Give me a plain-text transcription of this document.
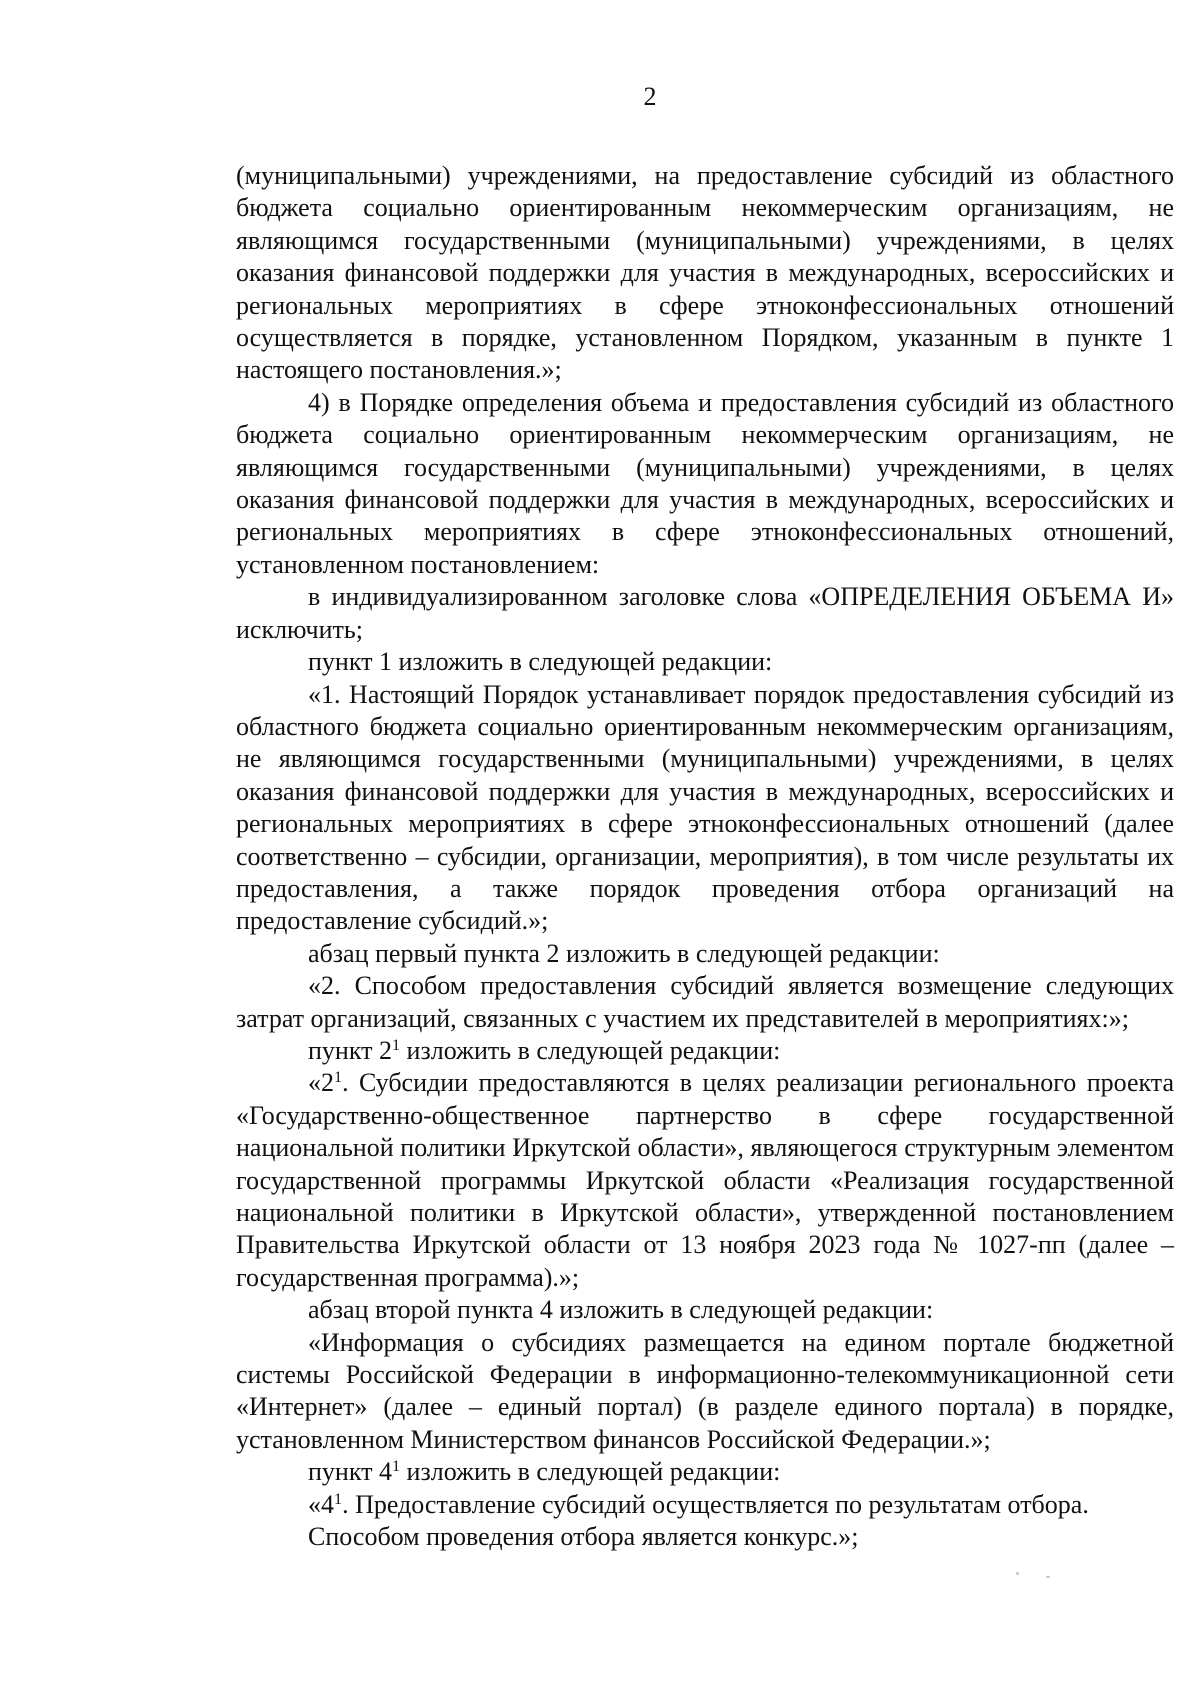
2

(муниципальными) учреждениями, на предоставление субсидий из областного бюджета социально ориентированным некоммерческим организациям, не являющимся государственными (муниципальными) учреждениями, в целях оказания финансовой поддержки для участия в международных, всероссийских и региональных мероприятиях в сфере этноконфессиональных отношений осуществляется в порядке, установленном Порядком, указанным в пункте 1 настоящего постановления.»;

4) в Порядке определения объема и предоставления субсидий из областного бюджета социально ориентированным некоммерческим организациям, не являющимся государственными (муниципальными) учреждениями, в целях оказания финансовой поддержки для участия в международных, всероссийских и региональных мероприятиях в сфере этноконфессиональных отношений, установленном постановлением:

в индивидуализированном заголовке слова «ОПРЕДЕЛЕНИЯ ОБЪЕМА И» исключить;

пункт 1 изложить в следующей редакции:

«1. Настоящий Порядок устанавливает порядок предоставления субсидий из областного бюджета социально ориентированным некоммерческим организациям, не являющимся государственными (муниципальными) учреждениями, в целях оказания финансовой поддержки для участия в международных, всероссийских и региональных мероприятиях в сфере этноконфессиональных отношений (далее соответственно – субсидии, организации, мероприятия), в том числе результаты их предоставления, а также порядок проведения отбора организаций на предоставление субсидий.»;

абзац первый пункта 2 изложить в следующей редакции:

«2. Способом предоставления субсидий является возмещение следующих затрат организаций, связанных с участием их представителей в мероприятиях:»;

пункт $2^1$ изложить в следующей редакции:

«$2^1$. Субсидии предоставляются в целях реализации регионального проекта «Государственно-общественное партнерство в сфере государственной национальной политики Иркутской области», являющегося структурным элементом государственной программы Иркутской области «Реализация государственной национальной политики в Иркутской области», утвержденной постановлением Правительства Иркутской области от 13 ноября 2023 года № 1027-пп (далее – государственная программа).»;

абзац второй пункта 4 изложить в следующей редакции:

«Информация о субсидиях размещается на едином портале бюджетной системы Российской Федерации в информационно-телекоммуникационной сети «Интернет» (далее – единый портал) (в разделе единого портала) в порядке, установленном Министерством финансов Российской Федерации.»;

пункт $4^1$ изложить в следующей редакции:

«$4^1$. Предоставление субсидий осуществляется по результатам отбора.

Способом проведения отбора является конкурс.»;
